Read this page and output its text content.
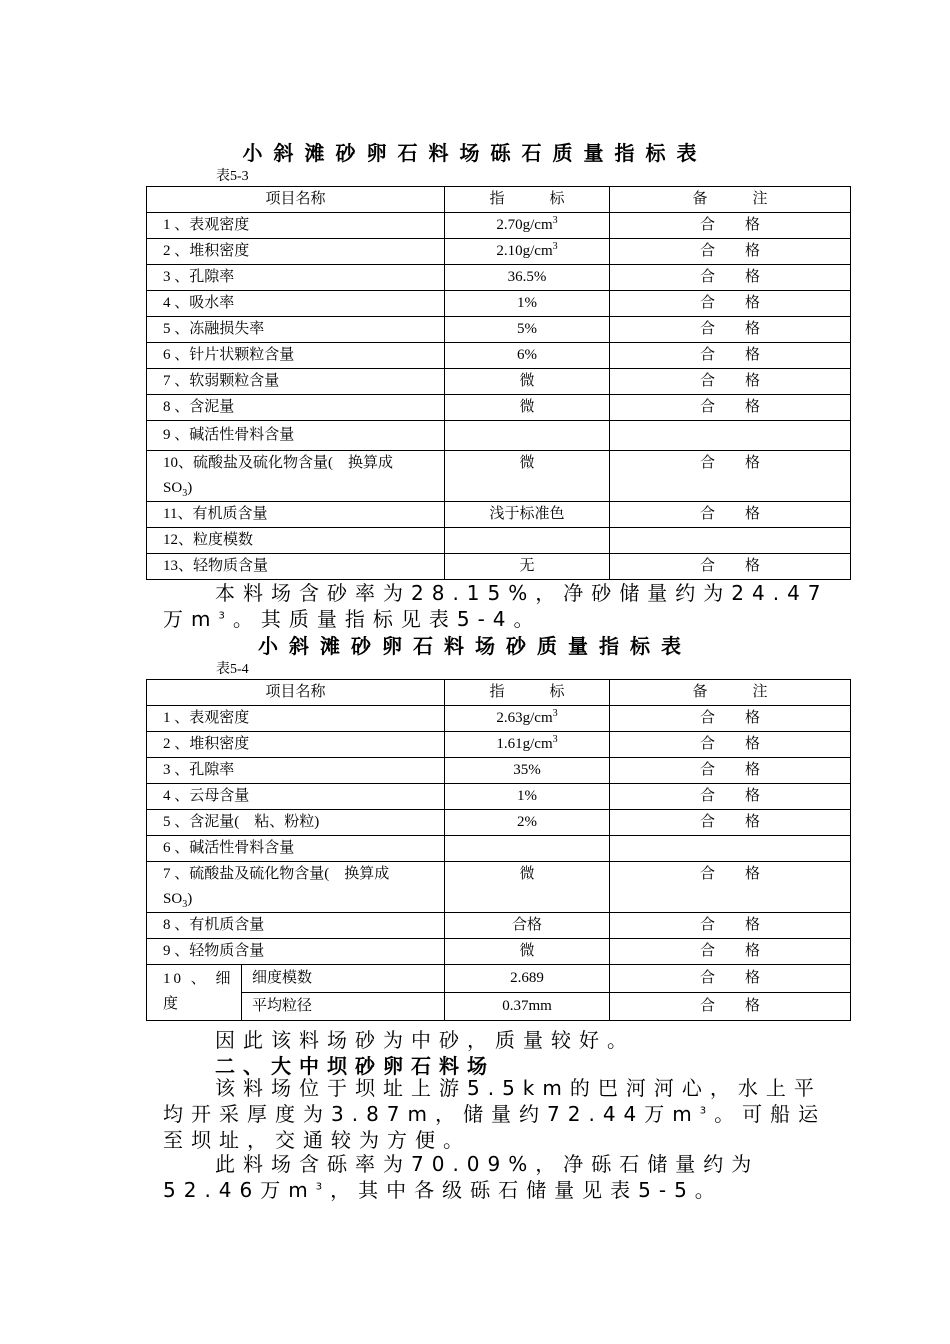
小斜滩砂卵石料场砾石质量指标表
表5-3
项目名称	指　　　标	备　　　注
1 、表观密度	$2.70g/cm^3$	合　　格
2 、堆积密度	$2.10g/cm^3$	合　　格
3 、孔隙率	36.5%	合　　格
4 、吸水率	1%	合　　格
5 、冻融损失率	5%	合　　格
6 、针片状颗粒含量	6%	合　　格
7 、软弱颗粒含量	微	合　　格
8 、含泥量	微	合　　格
9 、碱活性骨料含量		
10、硫酸盐及硫化物含量(　换算成
$SO_3$)	微	合　　格
11、有机质含量	浅于标准色	合　　格
12、粒度模数		
13、轻物质含量	无	合　　格
本料场含砂率为28.15%，净砂储量约为24.47万$m^3$。其质量指标见表5-4。
小斜滩砂卵石料场砂质量指标表
表5-4
项目名称		指　　　标	备　　　注
1 、表观密度		$2.63g/cm^3$	合　　格
2 、堆积密度		$1.61g/cm^3$	合　　格
3 、孔隙率		35%	合　　格
4 、云母含量		1%	合　　格
5 、含泥量(　粘、粉粒)		2%	合　　格
6 、碱活性骨料含量			
7 、硫酸盐及硫化物含量(　换算成
$SO_3$)		微	合　　格
8 、有机质含量		合格	合　　格
9 、轻物质含量		微	合　　格
10 、 细
度	细度模数	2.689	合　　格
	平均粒径	0.37mm	合　　格
因此该料场砂为中砂，质量较好。
二、大中坝砂卵石料场
该料场位于坝址上游5.5km的巴河河心，水上平均开采厚度为3.87m，储量约72.44万$m^3$。可船运至坝址，交通较为方便。
此料场含砾率为70.09%，净砾石储量约为52.46万$m^3$，其中各级砾石储量见表5-5。
